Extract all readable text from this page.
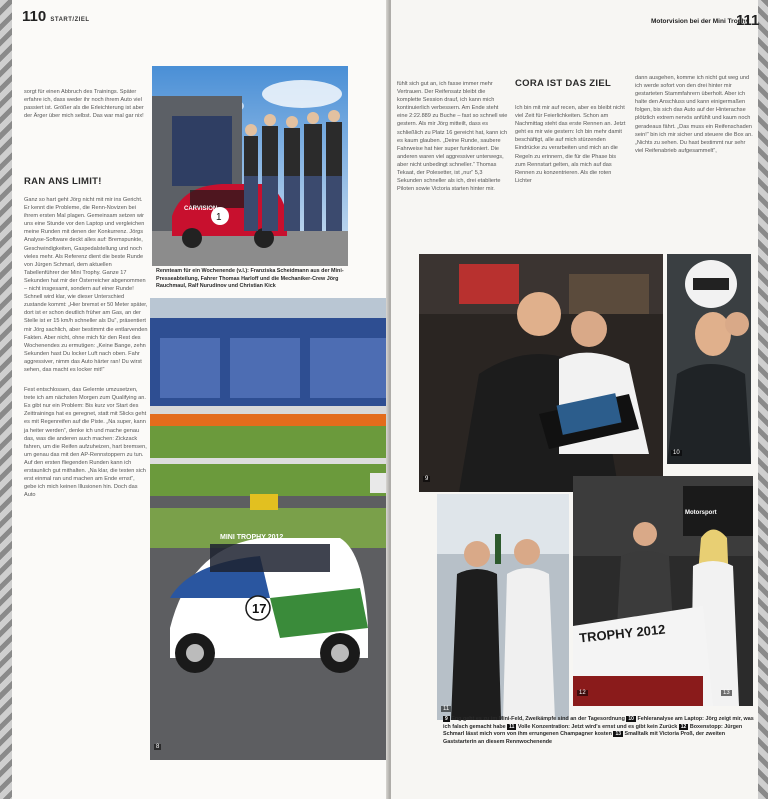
110 START/ZIEL
sorgt für einen Abbruch des Trainings. Später erfahre ich, dass weder ihr noch ihrem Auto viel passiert ist. Größer als die Erleichterung ist aber der Ärger über mich selbst. Das war mal gar nix!
RAN ANS LIMIT!

Ganz so hart geht Jörg nicht mit mir ins Gericht. Er kennt die Probleme, die Renn-Novizen bei ihrem ersten Mal plagen. Gemeinsam setzen wir uns eine Stunde vor den Laptop und vergleichen meine Runden mit denen der Konkurrenz. Jörgs Analyse-Software deckt alles auf: Bremspunkte, Geschwindigkeiten, Gaspedalstellung und noch vieles mehr. Als Referenz dient die beste Runde von Jürgen Schmarl, dem aktuellen Tabellenführer der Mini Trophy. Ganze 17 Sekunden hat mir der Österreicher abgenommen – nicht insgesamt, sondern auf einer Runde! Schnell wird klar, wie dieser Unterschied zustande kommt: „Hier bremst er 50 Meter später, dort ist er schon deutlich früher am Gas, an der Stelle ist er 15 km/h schneller als Du“, präsentiert mir Jörg sachlich, aber bestimmt die entlarvenden Fakten. Aber nicht, ohne mich für den Rest des Wochenendes zu ermutigen: „Keine Bange, zehn Sekunden hast Du locker Luft nach oben. Fahr aggressiver, nimm das Auto härter ran! Du wirst sehen, das macht es locker mit!“

Fest entschlossen, das Gelernte umzusetzen, trete ich am nächsten Morgen zum Qualifying an. Es gibt nur ein Problem: Bis kurz vor Start des Zeittrainings hat es geregnet, statt mit Slicks geht es mit Regenreifen auf die Piste. „Na super, kann ja heiter werden“, denke ich und mache genau das, was die anderen auch machen: Zickzack fahren, um die Reifen aufzuheizen, hart bremsen, um genau das mit den AP-Rennstoppern zu tun. Auf den ersten fliegenden Runden kann ich erstaunlich gut mithalten. „Na klar, die testen sich erst einmal ran und machen am Ende ernst“, gebe ich mich keinen Illusionen hin. Doch das Auto

1
CARVISION
Rennteam für ein Wochenende (v.l.): Franziska Scheidmann aus der Mini-Presseabteilung, Fahrer Thomas Harloff und die Mechaniker-Crew Jörg Rauchmaul, Ralf Nurudinov und Christian Kick
17
MINI TROPHY 2012
8
Motorvision bei der Mini Trophy
111
fühlt sich gut an, ich fasse immer mehr Vertrauen. Der Reifensatz bleibt die komplette Session drauf, ich kann mich kontinuierlich verbessern. Am Ende steht eine 2:22.889 zu Buche – fast so schnell wie gestern. Als mir Jörg mitteilt, dass es schließlich zu Platz 16 gereicht hat, kann ich es kaum glauben. „Deine Runde, saubere Fahrweise hat hier super funktioniert. Die anderen waren viel aggressiver unterwegs, aber nicht unbedingt schneller.“ Thomas Tekaat, der Polesetter, ist „nur“ 5,3 Sekunden schneller als ich, drei etablierte Piloten sowie Victoria starten hinter mir.
CORA IST DAS ZIEL
Ich bin mit mir auf recen, aber es bleibt nicht viel Zeit für Feierlichkeiten. Schon am Nachmittag steht das erste Rennen an. Jetzt geht es mir wie gestern: Ich bin mehr damit beschäftigt, alle auf mich stürzenden Eindrücke zu verarbeiten und mich an die Regeln zu erinnern, die für die Phase bis zum Rennstart gelten, als mich auf das Rennen zu konzentrieren. Als die roten Lichter
dann ausgehen, komme ich nicht gut weg und ich werde sofort von den drei hinter mir gestarteten Stammfahrern überholt. Aber ich halte den Anschluss und kann einigermaßen folgen, bis sich das Auto auf der Hinterachse plötzlich extrem nervös anfühlt und kaum noch geradeaus fährt. „Das muss ein Reifenschaden sein!“ bin ich mir sicher und steuere die Box an. „Nichts zu sehen. Du hast bestimmt nur sehr viel Reifenabrieb aufgesammelt“,
9
10
11
TROPHY 2012
Motorsport
12	13
9 Eng geht es zu im Mini-Feld, Zweikämpfe sind an der Tagesordnung 10 Fehleranalyse am Laptop: Jörg zeigt mir, was ich falsch gemacht habe 11 Volle Konzentration: Jetzt wird's ernst und es gibt kein Zurück 12 Boxenstopp: Jürgen Schmarl lässt mich vorn von ihm errungenen Champagner kosten 13 Smalltalk mit Victoria Proß, der zweiten Gaststarterin an diesem Rennwochenende
